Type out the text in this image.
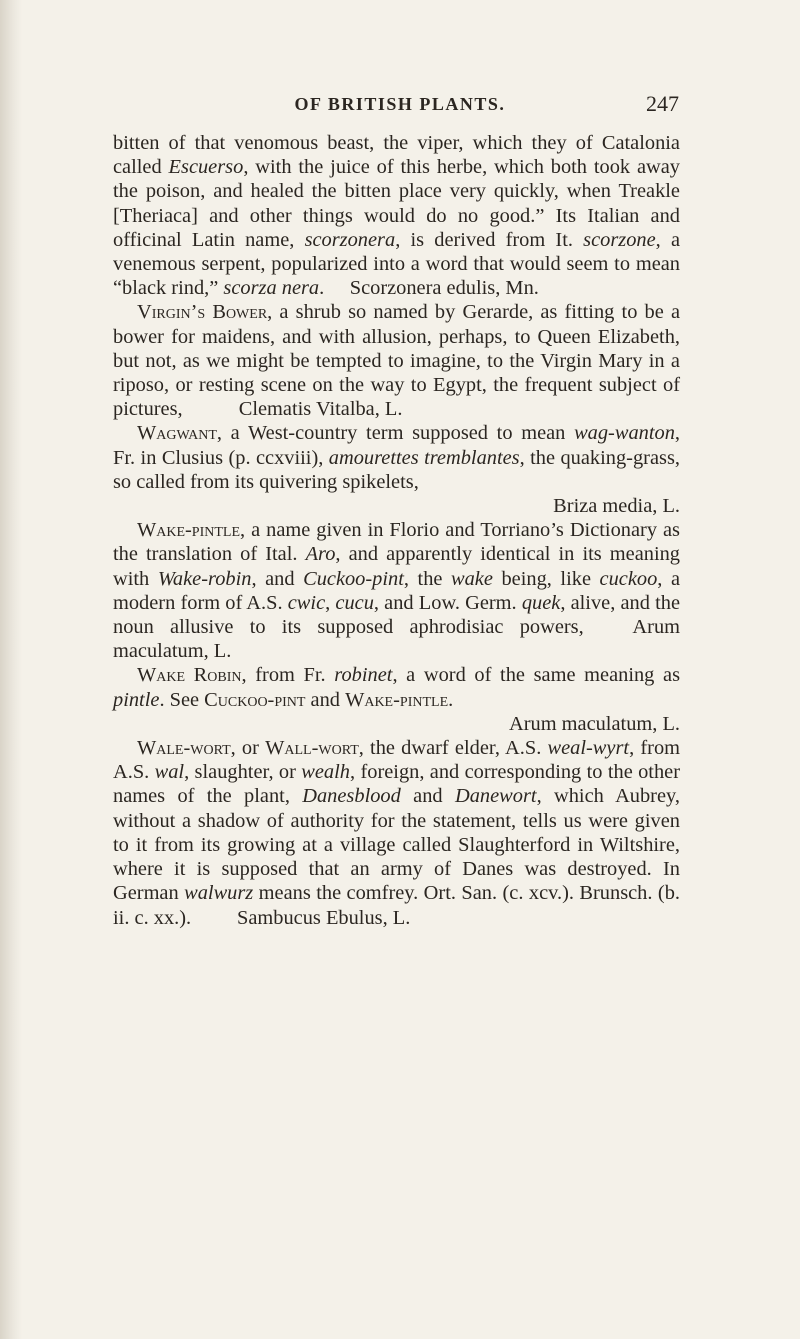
OF BRITISH PLANTS.	247

bitten of that venomous beast, the viper, which they of Catalonia called Escuerso, with the juice of this herbe, which both took away the poison, and healed the bitten place very quickly, when Treakle [Theriaca] and other things would do no good.” Its Italian and officinal Latin name, scorzonera, is derived from It. scorzone, a venemous serpent, popularized into a word that would seem to mean “black rind,” scorza nera.     Scorzonera edulis, Mn.

Virgin’s Bower, a shrub so named by Gerarde, as fitting to be a bower for maidens, and with allusion, perhaps, to Queen Elizabeth, but not, as we might be tempted to imagine, to the Virgin Mary in a riposo, or resting scene on the way to Egypt, the frequent subject of pictures,           Clematis Vitalba, L.

Wagwant, a West-country term supposed to mean wag-wanton, Fr. in Clusius (p. ccxviii), amourettes tremblantes, the quaking-grass, so called from its quivering spikelets,
Briza media, L.

Wake-pintle, a name given in Florio and Torriano’s Dictionary as the translation of Ital. Aro, and apparently identical in its meaning with Wake-robin, and Cuckoo-pint, the wake being, like cuckoo, a modern form of A.S. cwic, cucu, and Low. Germ. quek, alive, and the noun allusive to its supposed aphrodisiac powers,   Arum maculatum, L.

Wake Robin, from Fr. robinet, a word of the same meaning as pintle. See Cuckoo-pint and Wake-pintle.
Arum maculatum, L.

Wale-wort, or Wall-wort, the dwarf elder, A.S. weal-wyrt, from A.S. wal, slaughter, or wealh, foreign, and corresponding to the other names of the plant, Danesblood and Danewort, which Aubrey, without a shadow of authority for the statement, tells us were given to it from its growing at a village called Slaughterford in Wiltshire, where it is supposed that an army of Danes was destroyed. In German walwurz means the comfrey. Ort. San. (c. xcv.). Brunsch. (b. ii. c. xx.).         Sambucus Ebulus, L.
